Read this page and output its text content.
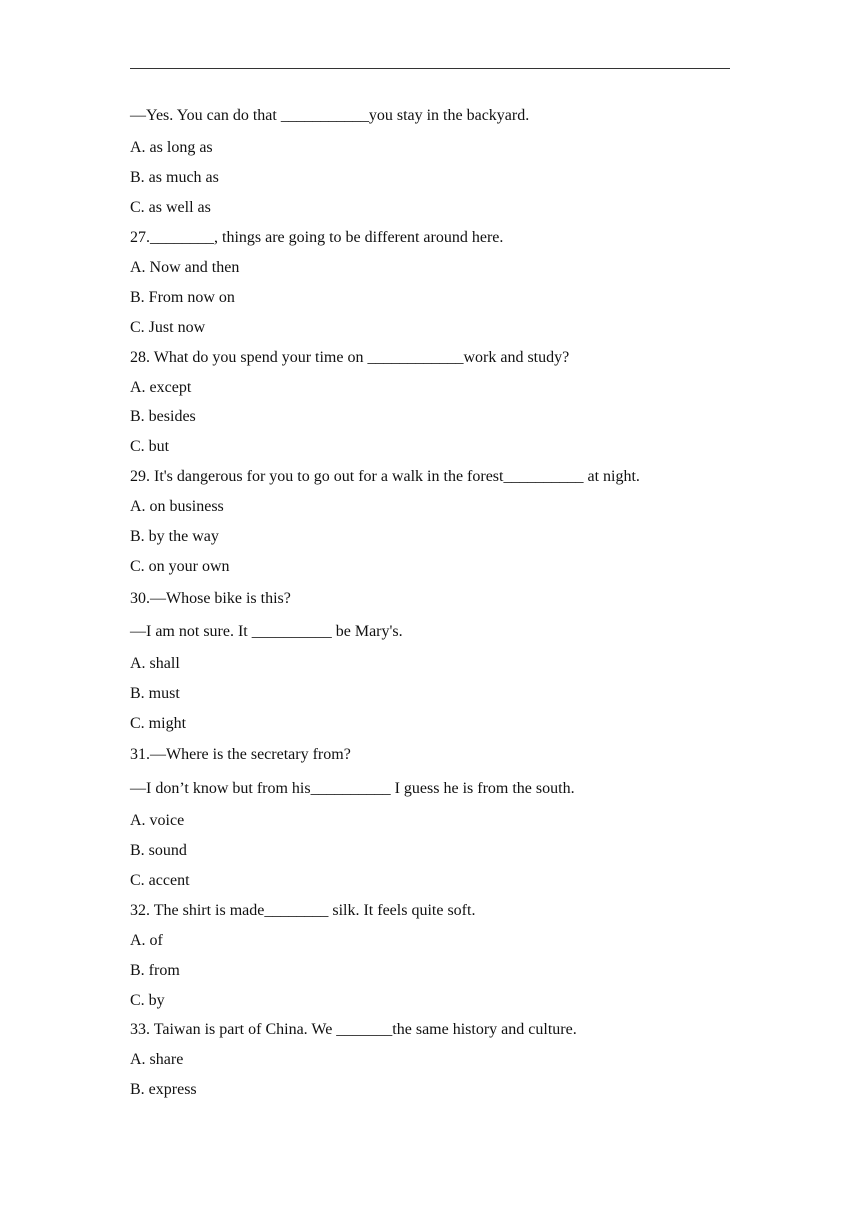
—Yes. You can do that ___________you stay in the backyard.
A. as long as
B. as much as
C. as well as
27.________, things are going to be different around here.
A. Now and then
B. From now on
C. Just now
28. What do you spend your time on ____________work and study?
A. except
B. besides
C. but
29. It's dangerous for you to go out for a walk in the forest__________ at night.
A. on business
B. by the way
C. on your own
30.—Whose bike is this?
—I am not sure. It __________ be Mary's.
A. shall
B. must
C. might
31.—Where is the secretary from?
—I don’t know but from his__________ I guess he is from the south.
A. voice
B. sound
C. accent
32. The shirt is made________ silk. It feels quite soft.
A. of
B. from
C. by
33. Taiwan is part of China. We _______the same history and culture.
A. share
B. express
